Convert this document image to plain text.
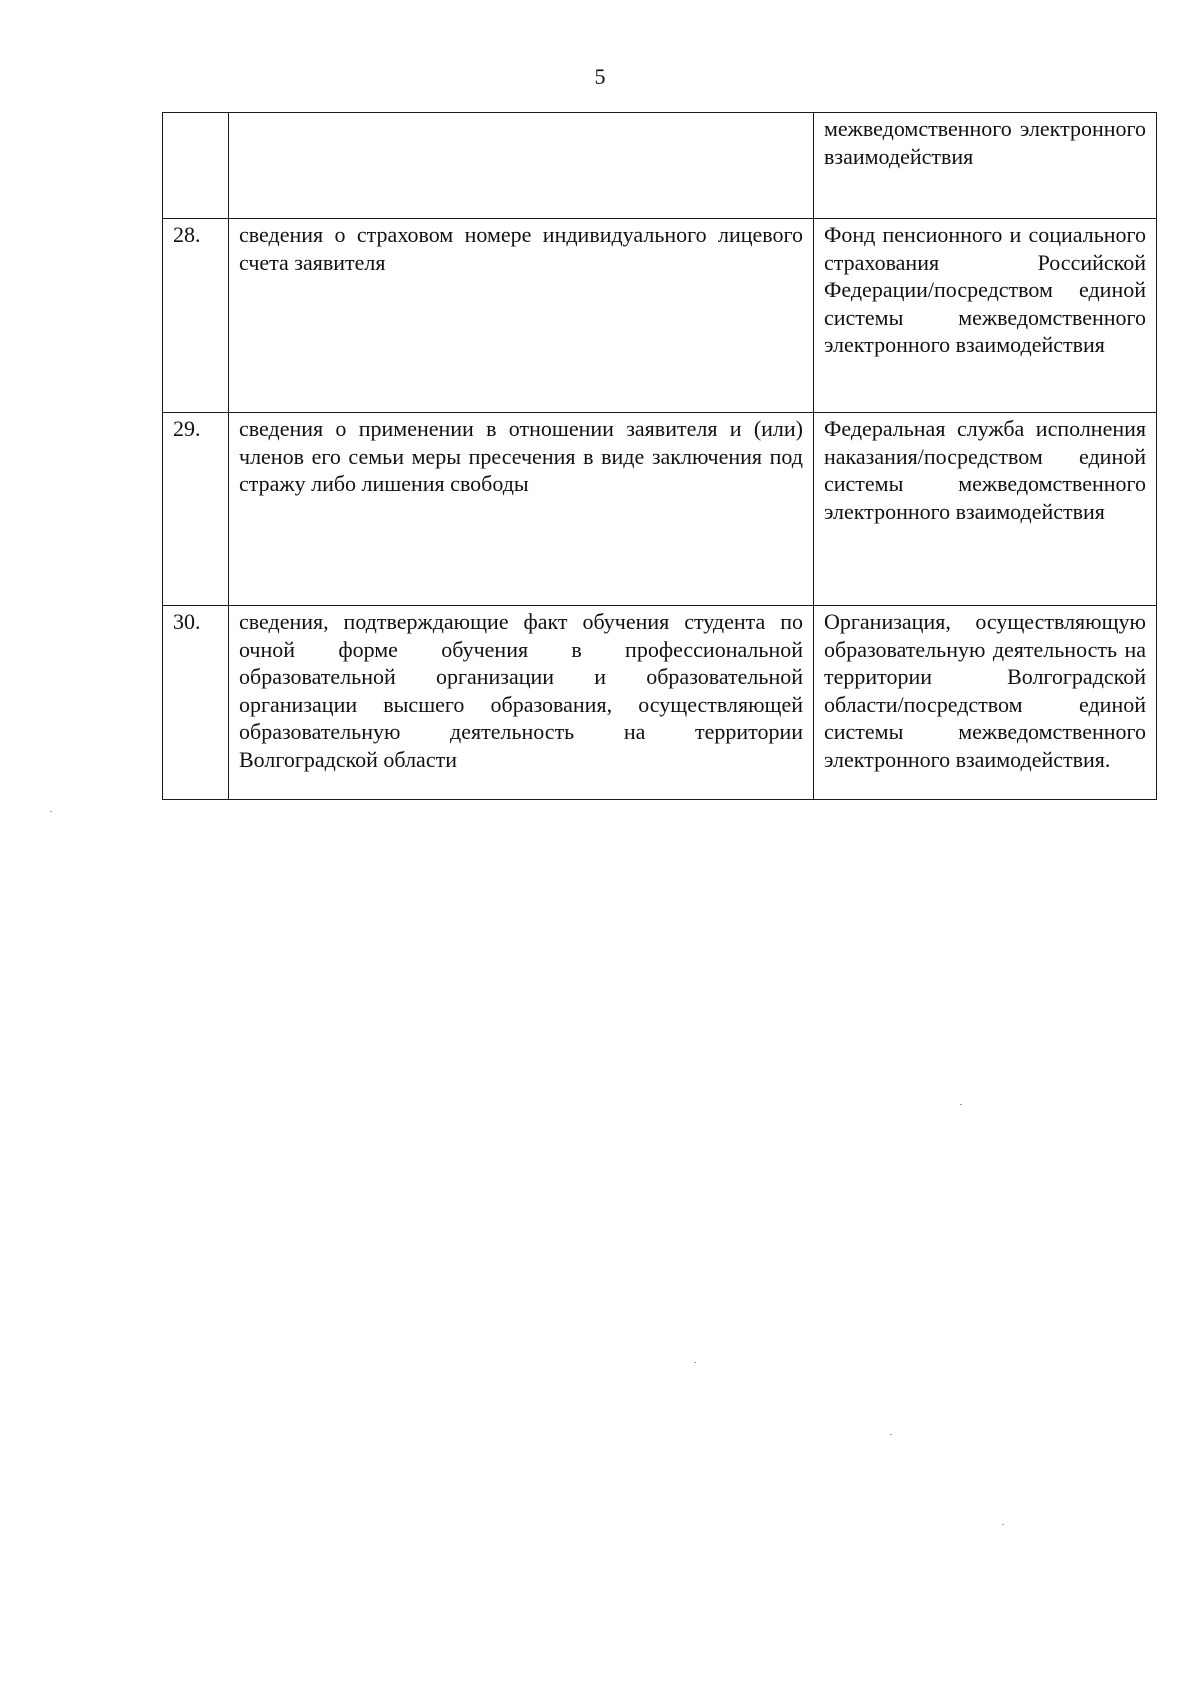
5
		межведомственного электронного взаимодействия
28.	сведения о страховом номере индивидуального лицевого счета заявителя	Фонд пенсионного и социального страхования Российской Федерации/посредством единой системы межведомственного электронного взаимодействия
29.	сведения о применении в отношении заявителя и (или) членов его семьи меры пресечения в виде заключения под стражу либо лишения свободы	Федеральная служба исполнения наказания/посредством единой системы межведомственного электронного взаимодействия
30.	сведения, подтверждающие факт обучения студента по очной форме обучения в профессиональной образовательной организации и образовательной организации высшего образования, осуществляющей образовательную деятельность на территории Волгоградской области	Организация, осуществляющую образовательную деятельность на территории Волгоградской области/посредством единой системы межведомственного электронного взаимодействия.
